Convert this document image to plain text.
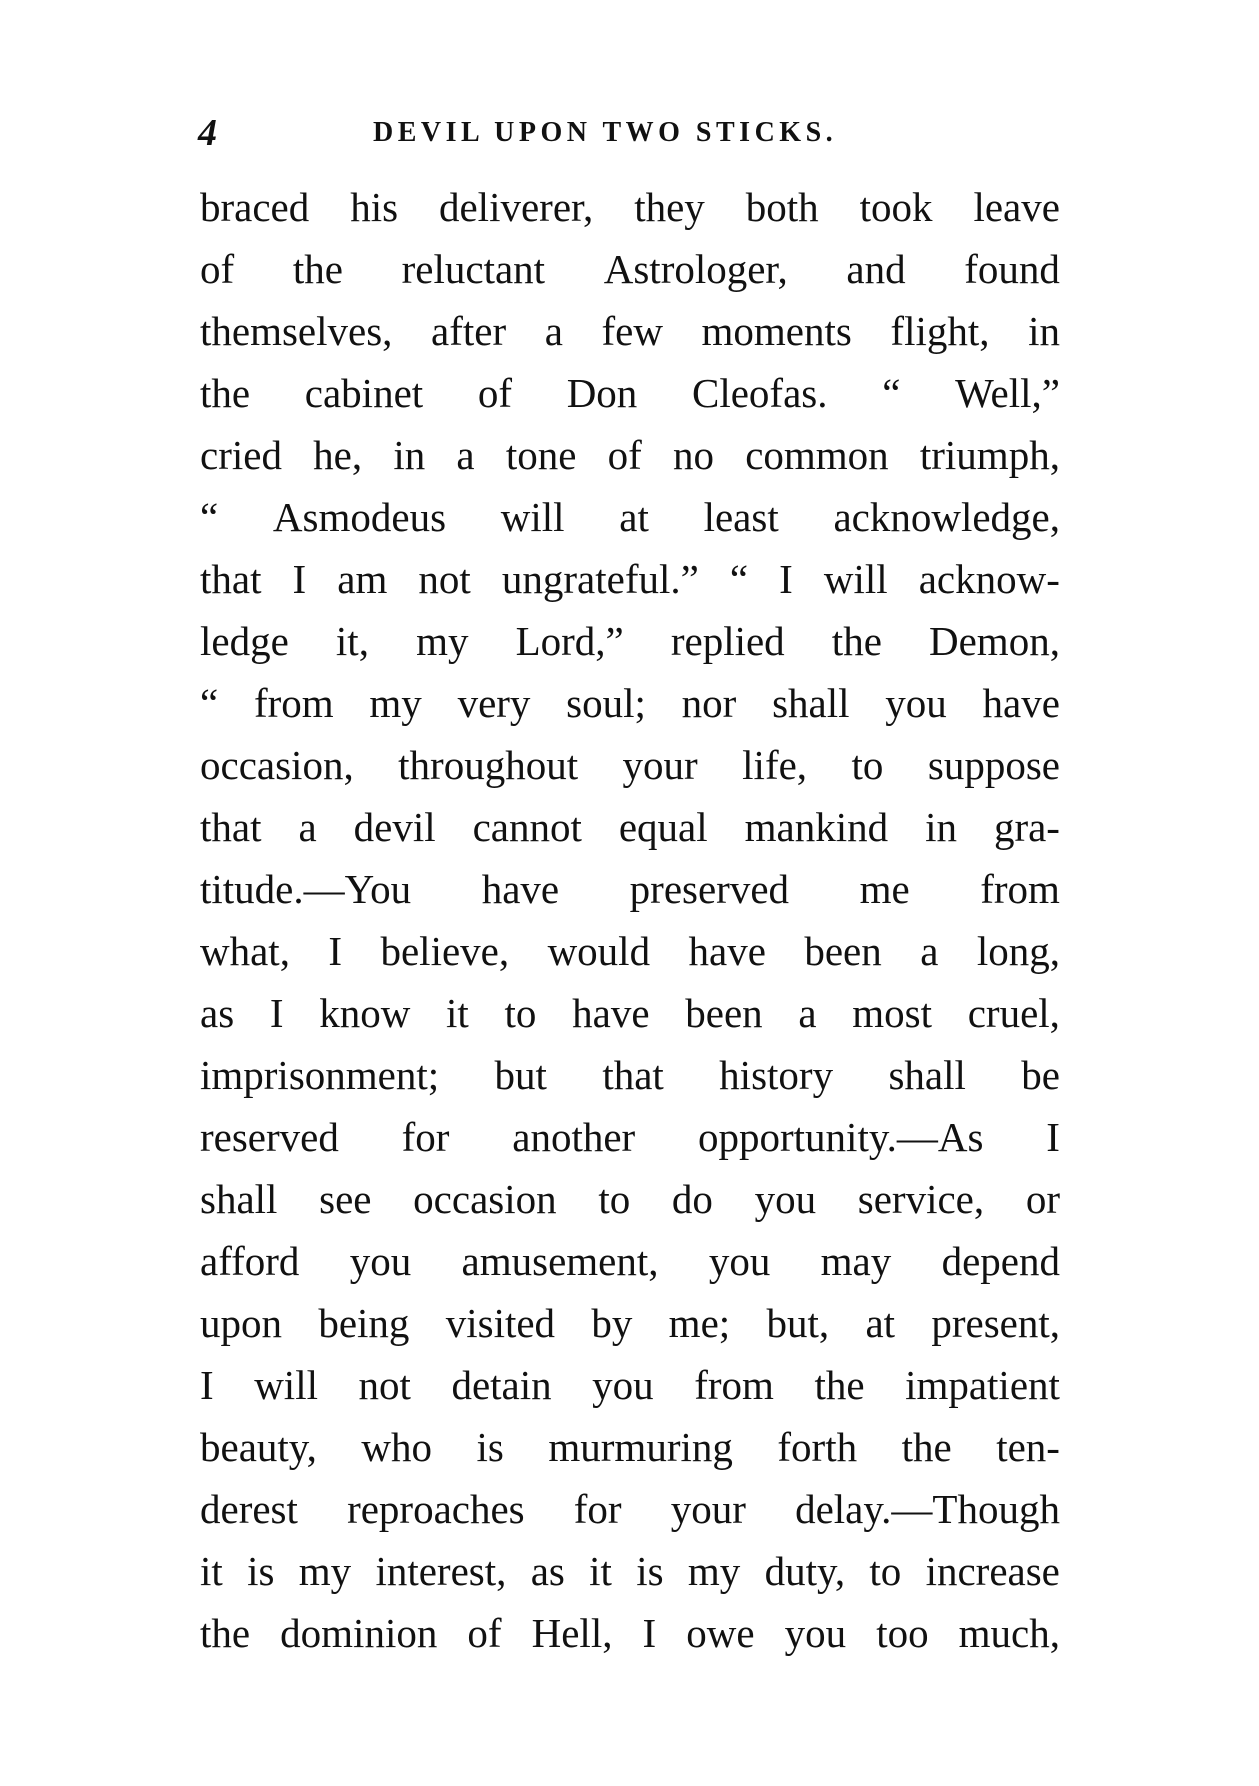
4	DEVIL UPON TWO STICKS.
braced his deliverer, they both took leave
of the reluctant Astrologer, and found
themselves, after a few moments flight, in
the cabinet of Don Cleofas. “ Well,”
cried he, in a tone of no common triumph,
“ Asmodeus will at least acknowledge,
that I am not ungrateful.” “ I will acknow-
ledge it, my Lord,” replied the Demon,
“ from my very soul; nor shall you have
occasion, throughout your life, to suppose
that a devil cannot equal mankind in gra-
titude.—You have preserved me from
what, I believe, would have been a long,
as I know it to have been a most cruel,
imprisonment; but that history shall be
reserved for another opportunity.—As I
shall see occasion to do you service, or
afford you amusement, you may depend
upon being visited by me; but, at present,
I will not detain you from the impatient
beauty, who is murmuring forth the ten-
derest reproaches for your delay.—Though
it is my interest, as it is my duty, to increase
the dominion of Hell, I owe you too much,
